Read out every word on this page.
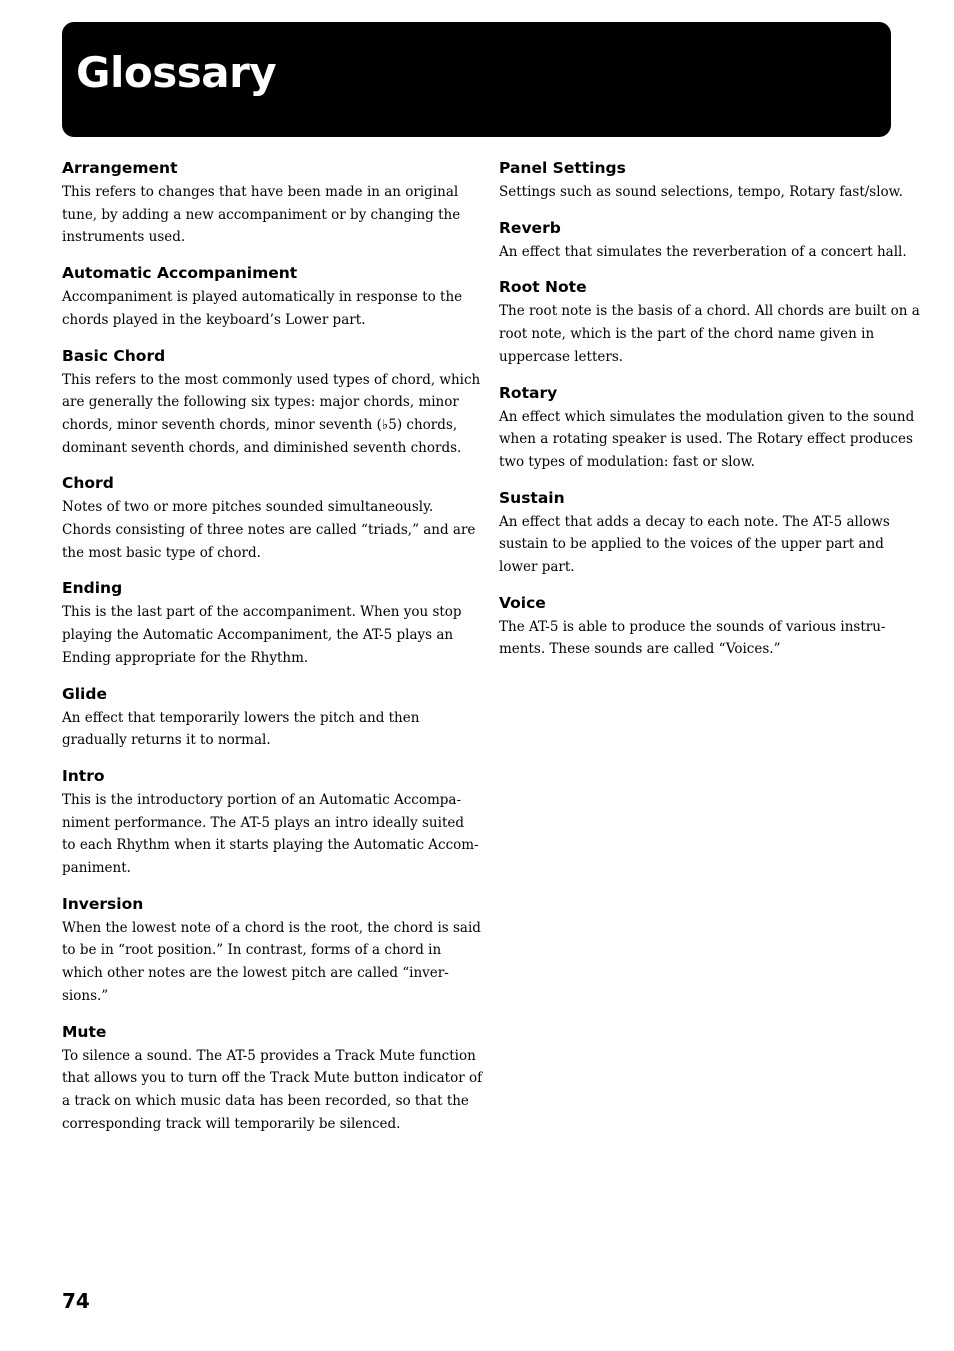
Glossary
Arrangement

This refers to changes that have been made in an original
tune, by adding a new accompaniment or by changing the
instruments used.

Automatic Accompaniment

Accompaniment is played automatically in response to the
chords played in the keyboard’s Lower part.

Basic Chord

This refers to the most commonly used types of chord, which
are generally the following six types: major chords, minor
chords, minor seventh chords, minor seventh (♭5) chords,
dominant seventh chords, and diminished seventh chords.

Chord

Notes of two or more pitches sounded simultaneously.
Chords consisting of three notes are called “triads,” and are
the most basic type of chord.

Ending

This is the last part of the accompaniment. When you stop
playing the Automatic Accompaniment, the AT-5 plays an
Ending appropriate for the Rhythm.

Glide

An effect that temporarily lowers the pitch and then
gradually returns it to normal.

Intro

This is the introductory portion of an Automatic Accompa-
niment performance. The AT-5 plays an intro ideally suited
to each Rhythm when it starts playing the Automatic Accom-
paniment.

Inversion

When the lowest note of a chord is the root, the chord is said
to be in “root position.” In contrast, forms of a chord in
which other notes are the lowest pitch are called “inver-
sions.”

Mute

To silence a sound. The AT-5 provides a Track Mute function
that allows you to turn off the Track Mute button indicator of
a track on which music data has been recorded, so that the
corresponding track will temporarily be silenced.

Panel Settings

Settings such as sound selections, tempo, Rotary fast/slow.

Reverb

An effect that simulates the reverberation of a concert hall.

Root Note

The root note is the basis of a chord. All chords are built on a
root note, which is the part of the chord name given in
uppercase letters.

Rotary

An effect which simulates the modulation given to the sound
when a rotating speaker is used. The Rotary effect produces
two types of modulation: fast or slow.

Sustain

An effect that adds a decay to each note. The AT-5 allows
sustain to be applied to the voices of the upper part and
lower part.

Voice

The AT-5 is able to produce the sounds of various instru-
ments. These sounds are called “Voices.”

74
